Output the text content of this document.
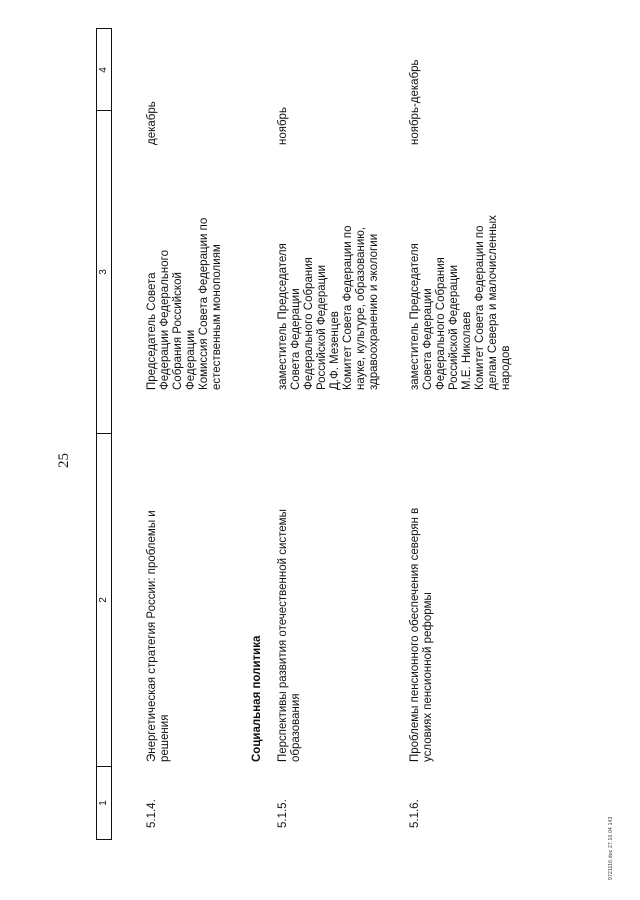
25
1
2
3
4
5.1.4.
Энергетическая стратегия России: проблемы и
решения
Председатель Совета
Федерации Федерального
Собрания Российской
Федерации
Комиссия Совета Федерации по
естественным монополиям
декабрь
Социальная политика
5.1.5.
Перспективы развития отечественной системы
образования
заместитель Председателя
Совета Федерации
Федерального Собрания
Российской Федерации
Д.Ф. Мезенцев
Комитет Совета Федерации по
науке, культуре, образованию,
здравоохранению и экологии
ноябрь
5.1.6.
Проблемы пенсионного обеспечения северян в
условиях пенсионной реформы
заместитель Председателя
Совета Федерации
Федерального Собрания
Российской Федерации
М.Е. Николаев
Комитет Совета Федерации по
делам Севера и малочисленных
народов
ноябрь-декабрь
9721116.doc 27.10.04 143
